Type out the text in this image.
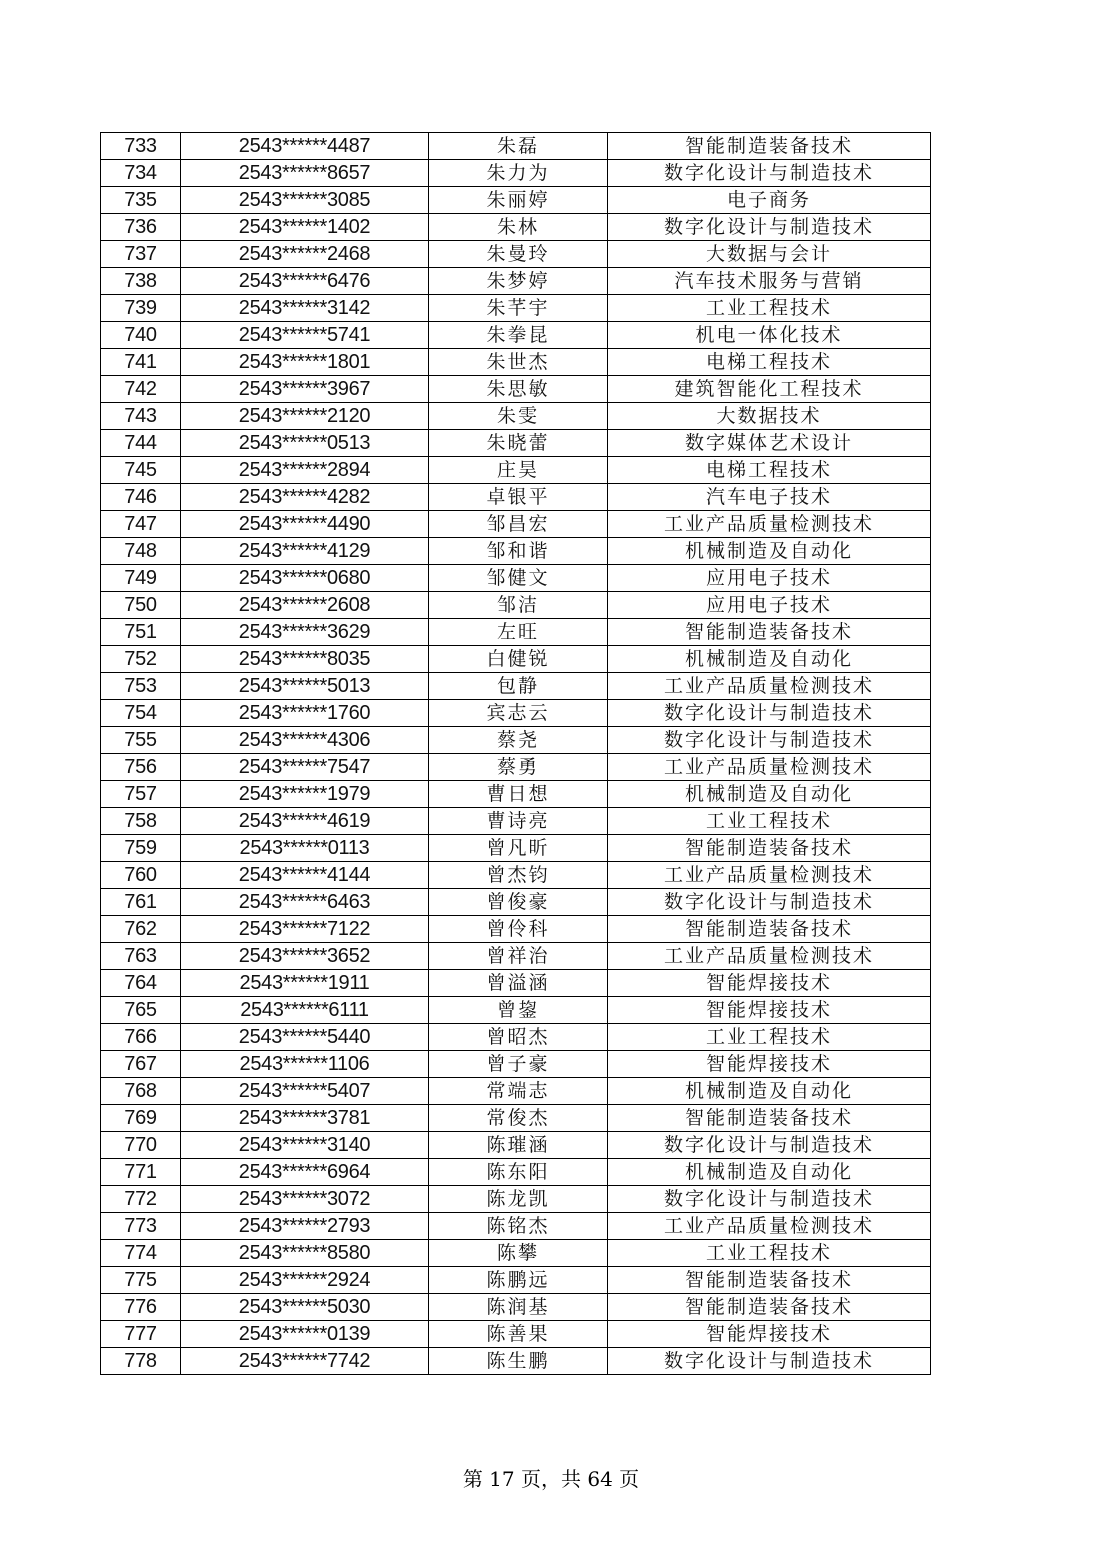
733	2543******4487	朱磊	智能制造装备技术
734	2543******8657	朱力为	数字化设计与制造技术
735	2543******3085	朱丽婷	电子商务
736	2543******1402	朱林	数字化设计与制造技术
737	2543******2468	朱曼玲	大数据与会计
738	2543******6476	朱梦婷	汽车技术服务与营销
739	2543******3142	朱芊宇	工业工程技术
740	2543******5741	朱拳昆	机电一体化技术
741	2543******1801	朱世杰	电梯工程技术
742	2543******3967	朱思敏	建筑智能化工程技术
743	2543******2120	朱雯	大数据技术
744	2543******0513	朱晓蕾	数字媒体艺术设计
745	2543******2894	庄昊	电梯工程技术
746	2543******4282	卓银平	汽车电子技术
747	2543******4490	邹昌宏	工业产品质量检测技术
748	2543******4129	邹和谐	机械制造及自动化
749	2543******0680	邹健文	应用电子技术
750	2543******2608	邹洁	应用电子技术
751	2543******3629	左旺	智能制造装备技术
752	2543******8035	白健锐	机械制造及自动化
753	2543******5013	包静	工业产品质量检测技术
754	2543******1760	宾志云	数字化设计与制造技术
755	2543******4306	蔡尧	数字化设计与制造技术
756	2543******7547	蔡勇	工业产品质量检测技术
757	2543******1979	曹日想	机械制造及自动化
758	2543******4619	曹诗亮	工业工程技术
759	2543******0113	曾凡昕	智能制造装备技术
760	2543******4144	曾杰钧	工业产品质量检测技术
761	2543******6463	曾俊豪	数字化设计与制造技术
762	2543******7122	曾伶科	智能制造装备技术
763	2543******3652	曾祥治	工业产品质量检测技术
764	2543******1911	曾溢涵	智能焊接技术
765	2543******6111	曾鋆	智能焊接技术
766	2543******5440	曾昭杰	工业工程技术
767	2543******1106	曾子豪	智能焊接技术
768	2543******5407	常端志	机械制造及自动化
769	2543******3781	常俊杰	智能制造装备技术
770	2543******3140	陈璀涵	数字化设计与制造技术
771	2543******6964	陈东阳	机械制造及自动化
772	2543******3072	陈龙凯	数字化设计与制造技术
773	2543******2793	陈铭杰	工业产品质量检测技术
774	2543******8580	陈攀	工业工程技术
775	2543******2924	陈鹏远	智能制造装备技术
776	2543******5030	陈润基	智能制造装备技术
777	2543******0139	陈善果	智能焊接技术
778	2543******7742	陈生鹏	数字化设计与制造技术
第 17 页，共 64 页
